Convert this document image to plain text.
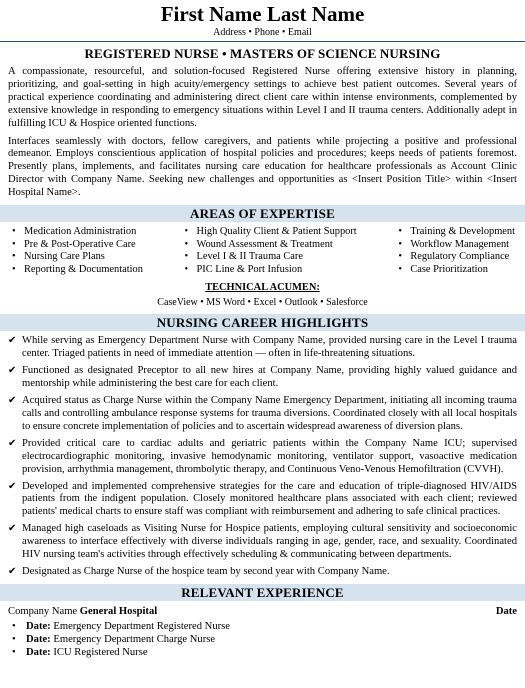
First Name Last Name
Address • Phone • Email
REGISTERED NURSE • MASTERS OF SCIENCE NURSING

A compassionate, resourceful, and solution-focused Registered Nurse offering extensive history in planning, prioritizing, and goal-setting in high acuity/emergency settings to achieve best patient outcomes. Several years of practical experience coordinating and administering direct client care within intense environments, complemented by extensive knowledge in responding to emergency situations within Level I and II trauma centers. Additionally adept in fulfilling ICU & Hospice oriented functions.

Interfaces seamlessly with doctors, fellow caregivers, and patients while projecting a positive and professional demeanor. Employs conscientious application of hospital policies and procedures; keeps needs of patients foremost. Presently plans, implements, and facilitates nursing care education for healthcare professionals as Account Clinic Director with Company Name. Seeking new challenges and opportunities as <Insert Position Title> within <Insert Hospital Name>.

AREAS OF EXPERTISE
• Medication Administration
• Pre & Post-Operative Care
• Nursing Care Plans
• Reporting & Documentation
• High Quality Client & Patient Support
• Wound Assessment & Treatment
• Level I & II Trauma Care
• PIC Line & Port Infusion
• Training & Development
• Workflow Management
• Regulatory Compliance
• Case Prioritization
TECHNICAL ACUMEN:
CaseView • MS Word • Excel • Outlook • Salesforce
NURSING CAREER HIGHLIGHTS
✔ While serving as Emergency Department Nurse with Company Name, provided nursing care in the Level I trauma center. Triaged patients in need of immediate attention — often in life-threatening situations.
✔ Functioned as designated Preceptor to all new hires at Company Name, providing highly valued guidance and mentorship while administering the best care for each client.
✔ Acquired status as Charge Nurse within the Company Name Emergency Department, initiating all incoming trauma calls and controlling ambulance response systems for trauma diversions. Coordinated closely with all local hospitals to ensure concrete implementation of policies and to ascertain widespread awareness of diversion plans.
✔ Provided critical care to cardiac adults and geriatric patients within the Company Name ICU; supervised electrocardiographic monitoring, invasive hemodynamic monitoring, ventilator support, vasoactive medication provision, arrhythmia management, thrombolytic therapy, and Continuous Veno-Venous Hemofiltration (CVVH).
✔ Developed and implemented comprehensive strategies for the care and education of triple-diagnosed HIV/AIDS patients from the indigent population. Closely monitored healthcare plans associated with each client; reviewed patients' medical charts to ensure staff was compliant with reimbursement and adhering to safe clinical practices.
✔ Managed high caseloads as Visiting Nurse for Hospice patients, employing cultural sensitivity and socioeconomic awareness to interface effectively with diverse individuals ranging in age, gender, race, and sexuality. Coordinated HIV nursing team's activities through effectively scheduling & communicating between departments.
✔ Designated as Charge Nurse of the hospice team by second year with Company Name.
RELEVANT EXPERIENCE
Company Name General Hospital	Date
• Date: Emergency Department Registered Nurse
• Date: Emergency Department Charge Nurse
• Date: ICU Registered Nurse
